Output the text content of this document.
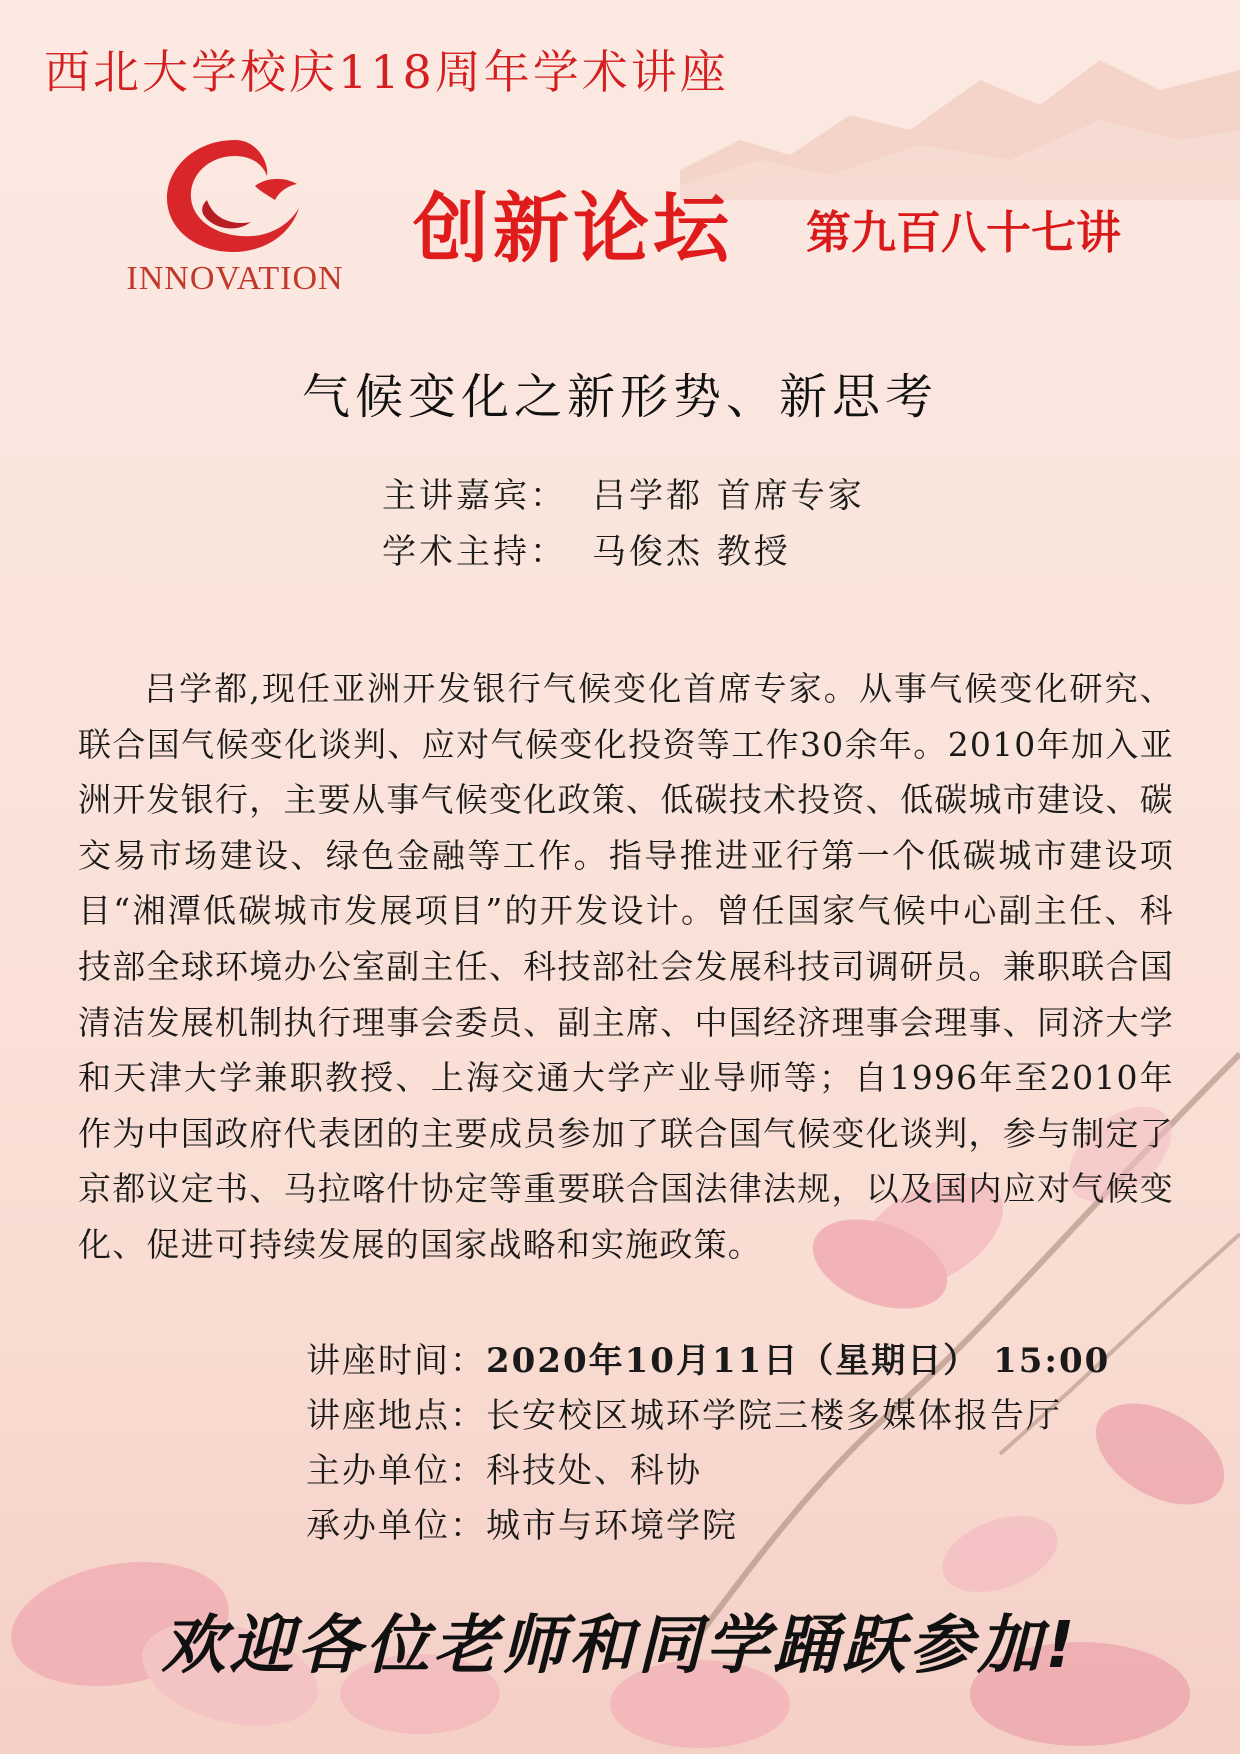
西北大学校庆118周年学术讲座
INNOVATION
创新论坛 第九百八十七讲
气候变化之新形势、新思考
主讲嘉宾： 吕学都 首席专家
学术主持： 马俊杰 教授

吕学都,现任亚洲开发银行气候变化首席专家。从事气候变化研究、联合国气候变化谈判、应对气候变化投资等工作30余年。2010年加入亚洲开发银行，主要从事气候变化政策、低碳技术投资、低碳城市建设、碳交易市场建设、绿色金融等工作。指导推进亚行第一个低碳城市建设项目“湘潭低碳城市发展项目”的开发设计。曾任国家气候中心副主任、科技部全球环境办公室副主任、科技部社会发展科技司调研员。兼职联合国清洁发展机制执行理事会委员、副主席、中国经济理事会理事、同济大学和天津大学兼职教授、上海交通大学产业导师等；自1996年至2010年作为中国政府代表团的主要成员参加了联合国气候变化谈判，参与制定了京都议定书、马拉喀什协定等重要联合国法律法规，以及国内应对气候变化、促进可持续发展的国家战略和实施政策。

讲座时间：2020年10月11日（星期日） 15:00
讲座地点：长安校区城环学院三楼多媒体报告厅
主办单位：科技处、科协
承办单位：城市与环境学院
欢迎各位老师和同学踊跃参加!
